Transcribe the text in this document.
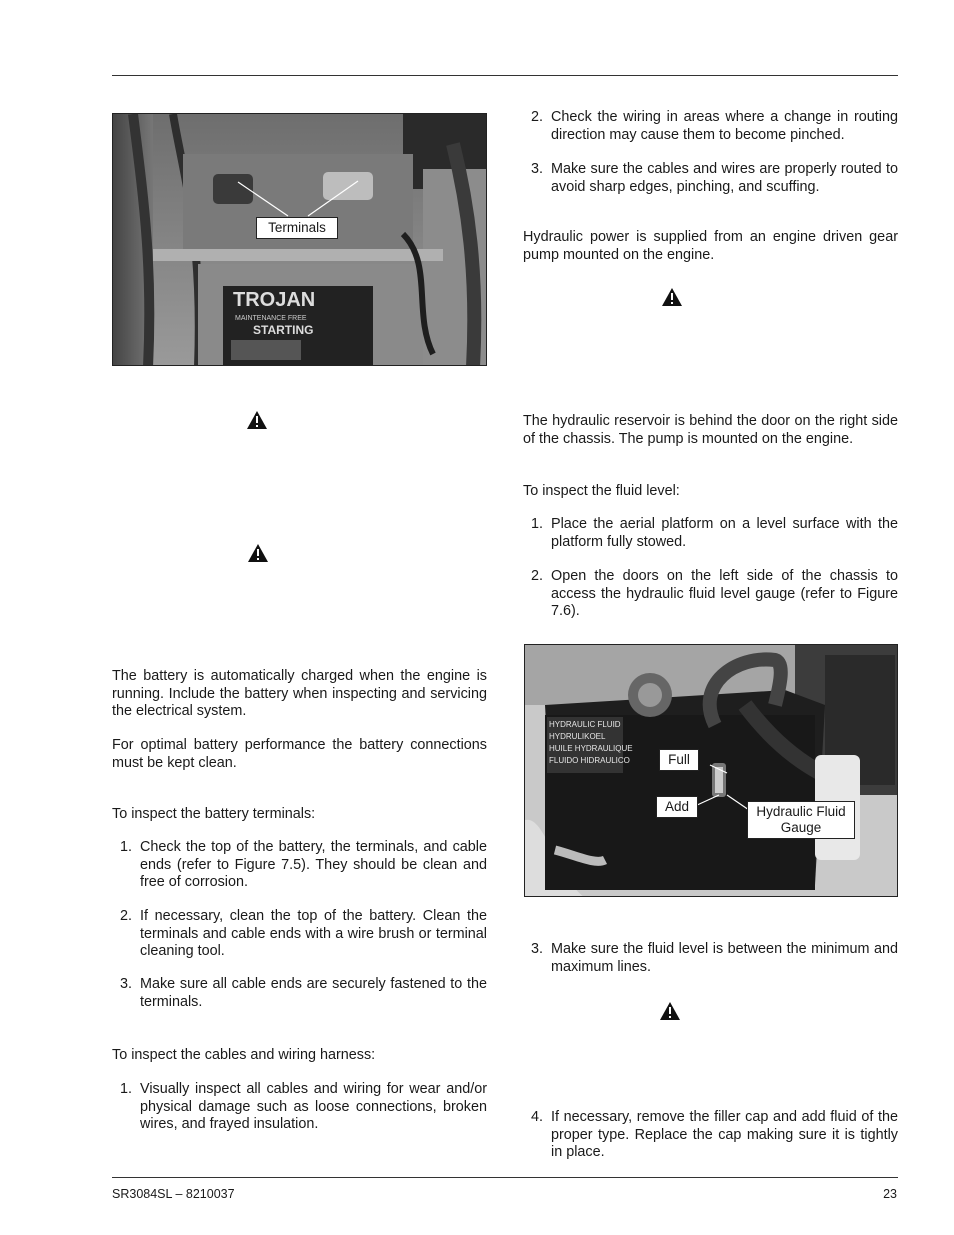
TROJAN
MAINTENANCE FREE
STARTING
Terminals
The battery is automatically charged when the engine is running. Include the battery when inspecting and servicing the electrical system.
For optimal battery performance the battery connections must be kept clean.
To inspect the battery terminals:
1. Check the top of the battery, the terminals, and cable ends (refer to Figure 7.5). They should be clean and free of corrosion.
2. If necessary, clean the top of the battery. Clean the terminals and cable ends with a wire brush or terminal cleaning tool.
3. Make sure all cable ends are securely fastened to the terminals.
To inspect the cables and wiring harness:
1. Visually inspect all cables and wiring for wear and/or physical damage such as loose connections, broken wires, and frayed insulation.
2. Check the wiring in areas where a change in routing direction may cause them to become pinched.
3. Make sure the cables and wires are properly routed to avoid sharp edges, pinching, and scuffing.
Hydraulic power is supplied from an engine driven gear pump mounted on the engine.
The hydraulic reservoir is behind the door on the right side of the chassis. The pump is mounted on the engine.
To inspect the fluid level:
1. Place the aerial platform on a level surface with the platform fully stowed.
2. Open the doors on the left side of the chassis to access the hydraulic fluid level gauge (refer to Figure 7.6).
HYDRAULIC FLUID HYDRULIKOEL HUILE HYDRAULIQUE FLUIDO HIDRAULICO	Full
Add	Hydraulic Fluid
Gauge
3. Make sure the fluid level is between the minimum and maximum lines.
4. If necessary, remove the filler cap and add fluid of the proper type. Replace the cap making sure it is tightly in place.
SR3084SL – 8210037	23
